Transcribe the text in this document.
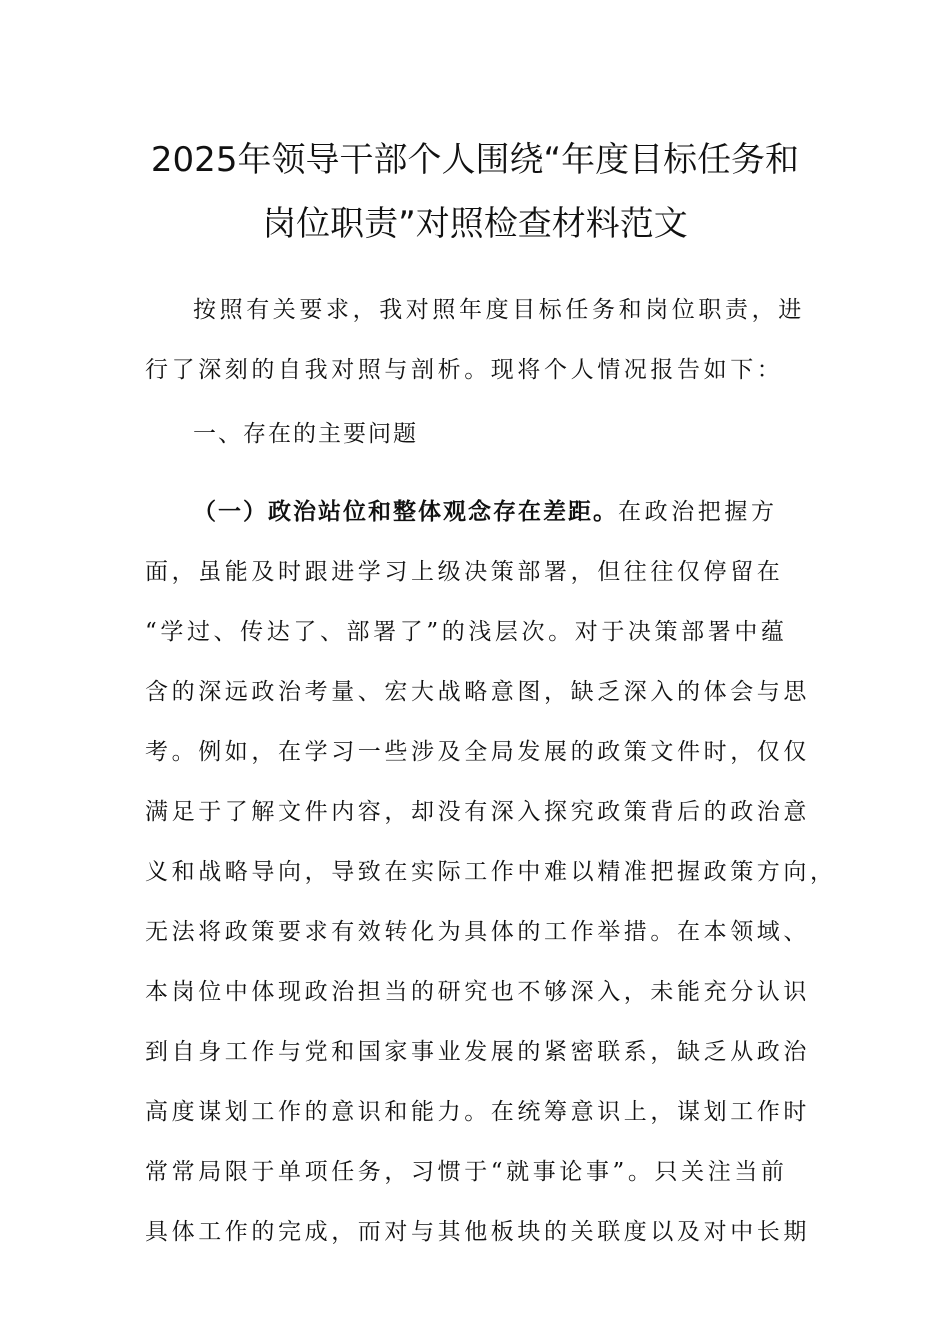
2025年领导干部个人围绕“年度目标任务和
岗位职责”对照检查材料范文
按照有关要求，我对照年度目标任务和岗位职责，进
行了深刻的自我对照与剖析。现将个人情况报告如下：
一、存在的主要问题
（一）政治站位和整体观念存在差距。在政治把握方
面，虽能及时跟进学习上级决策部署，但往往仅停留在
“学过、传达了、部署了”的浅层次。对于决策部署中蕴
含的深远政治考量、宏大战略意图，缺乏深入的体会与思
考。例如，在学习一些涉及全局发展的政策文件时，仅仅
满足于了解文件内容，却没有深入探究政策背后的政治意
义和战略导向，导致在实际工作中难以精准把握政策方向，
无法将政策要求有效转化为具体的工作举措。在本领域、
本岗位中体现政治担当的研究也不够深入，未能充分认识
到自身工作与党和国家事业发展的紧密联系，缺乏从政治
高度谋划工作的意识和能力。在统筹意识上，谋划工作时
常常局限于单项任务，习惯于“就事论事”。只关注当前
具体工作的完成，而对与其他板块的关联度以及对中长期
